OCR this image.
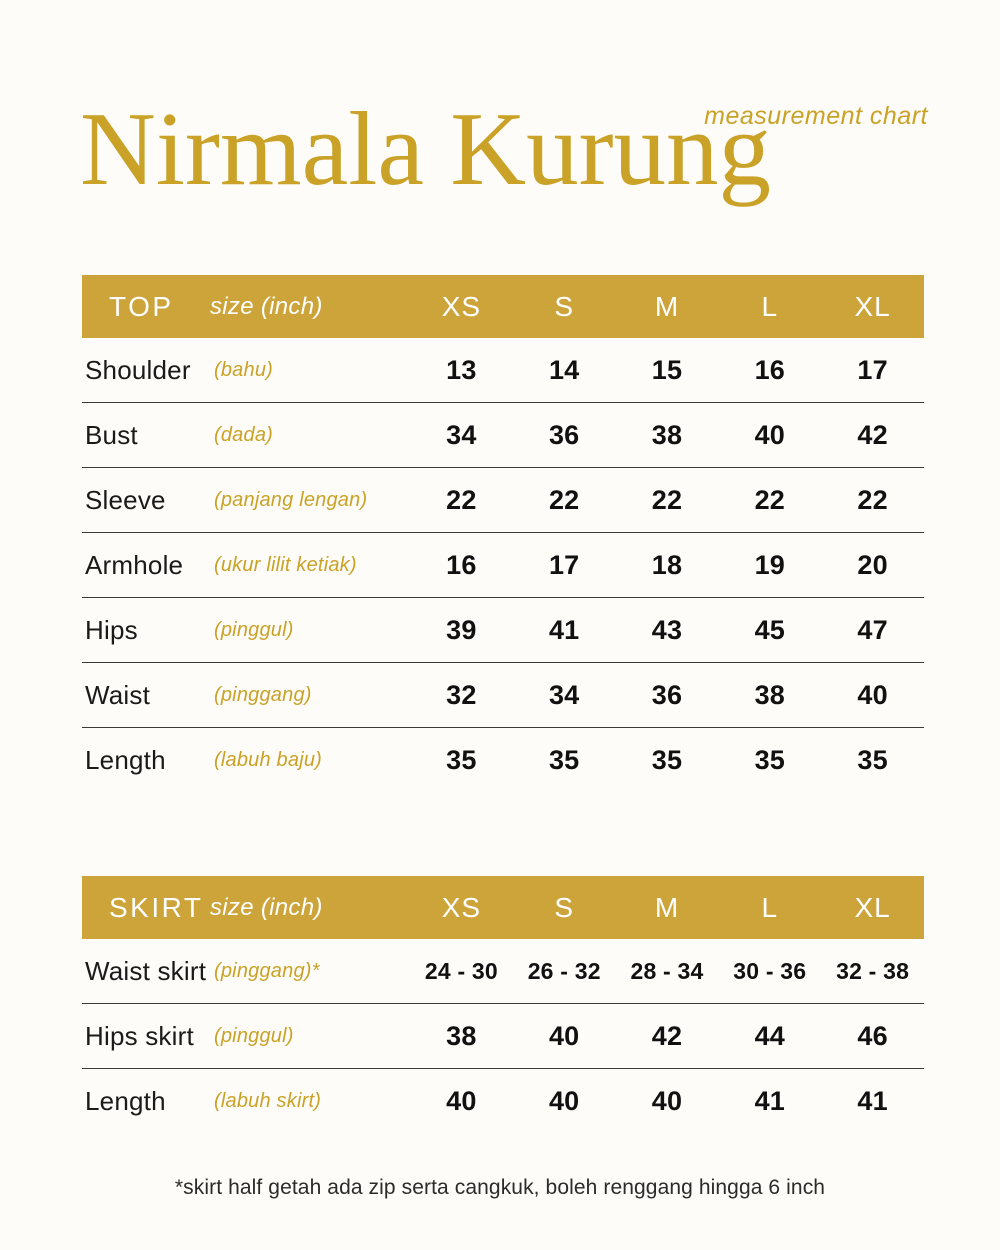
measurement chart
Nirmala Kurung
TOP	size (inch)	XS	S	M	L	XL
Shoulder	(bahu)	13	14	15	16	17
Bust	(dada)	34	36	38	40	42
Sleeve	(panjang lengan)	22	22	22	22	22
Armhole	(ukur lilit ketiak)	16	17	18	19	20
Hips	(pinggul)	39	41	43	45	47
Waist	(pinggang)	32	34	36	38	40
Length	(labuh baju)	35	35	35	35	35
SKIRT	size (inch)	XS	S	M	L	XL
Waist skirt	(pinggang)*	24 - 30	26 - 32	28 - 34	30 - 36	32 - 38
Hips skirt	(pinggul)	38	40	42	44	46
Length	(labuh skirt)	40	40	40	41	41
*skirt half getah ada zip serta cangkuk, boleh renggang hingga 6 inch
